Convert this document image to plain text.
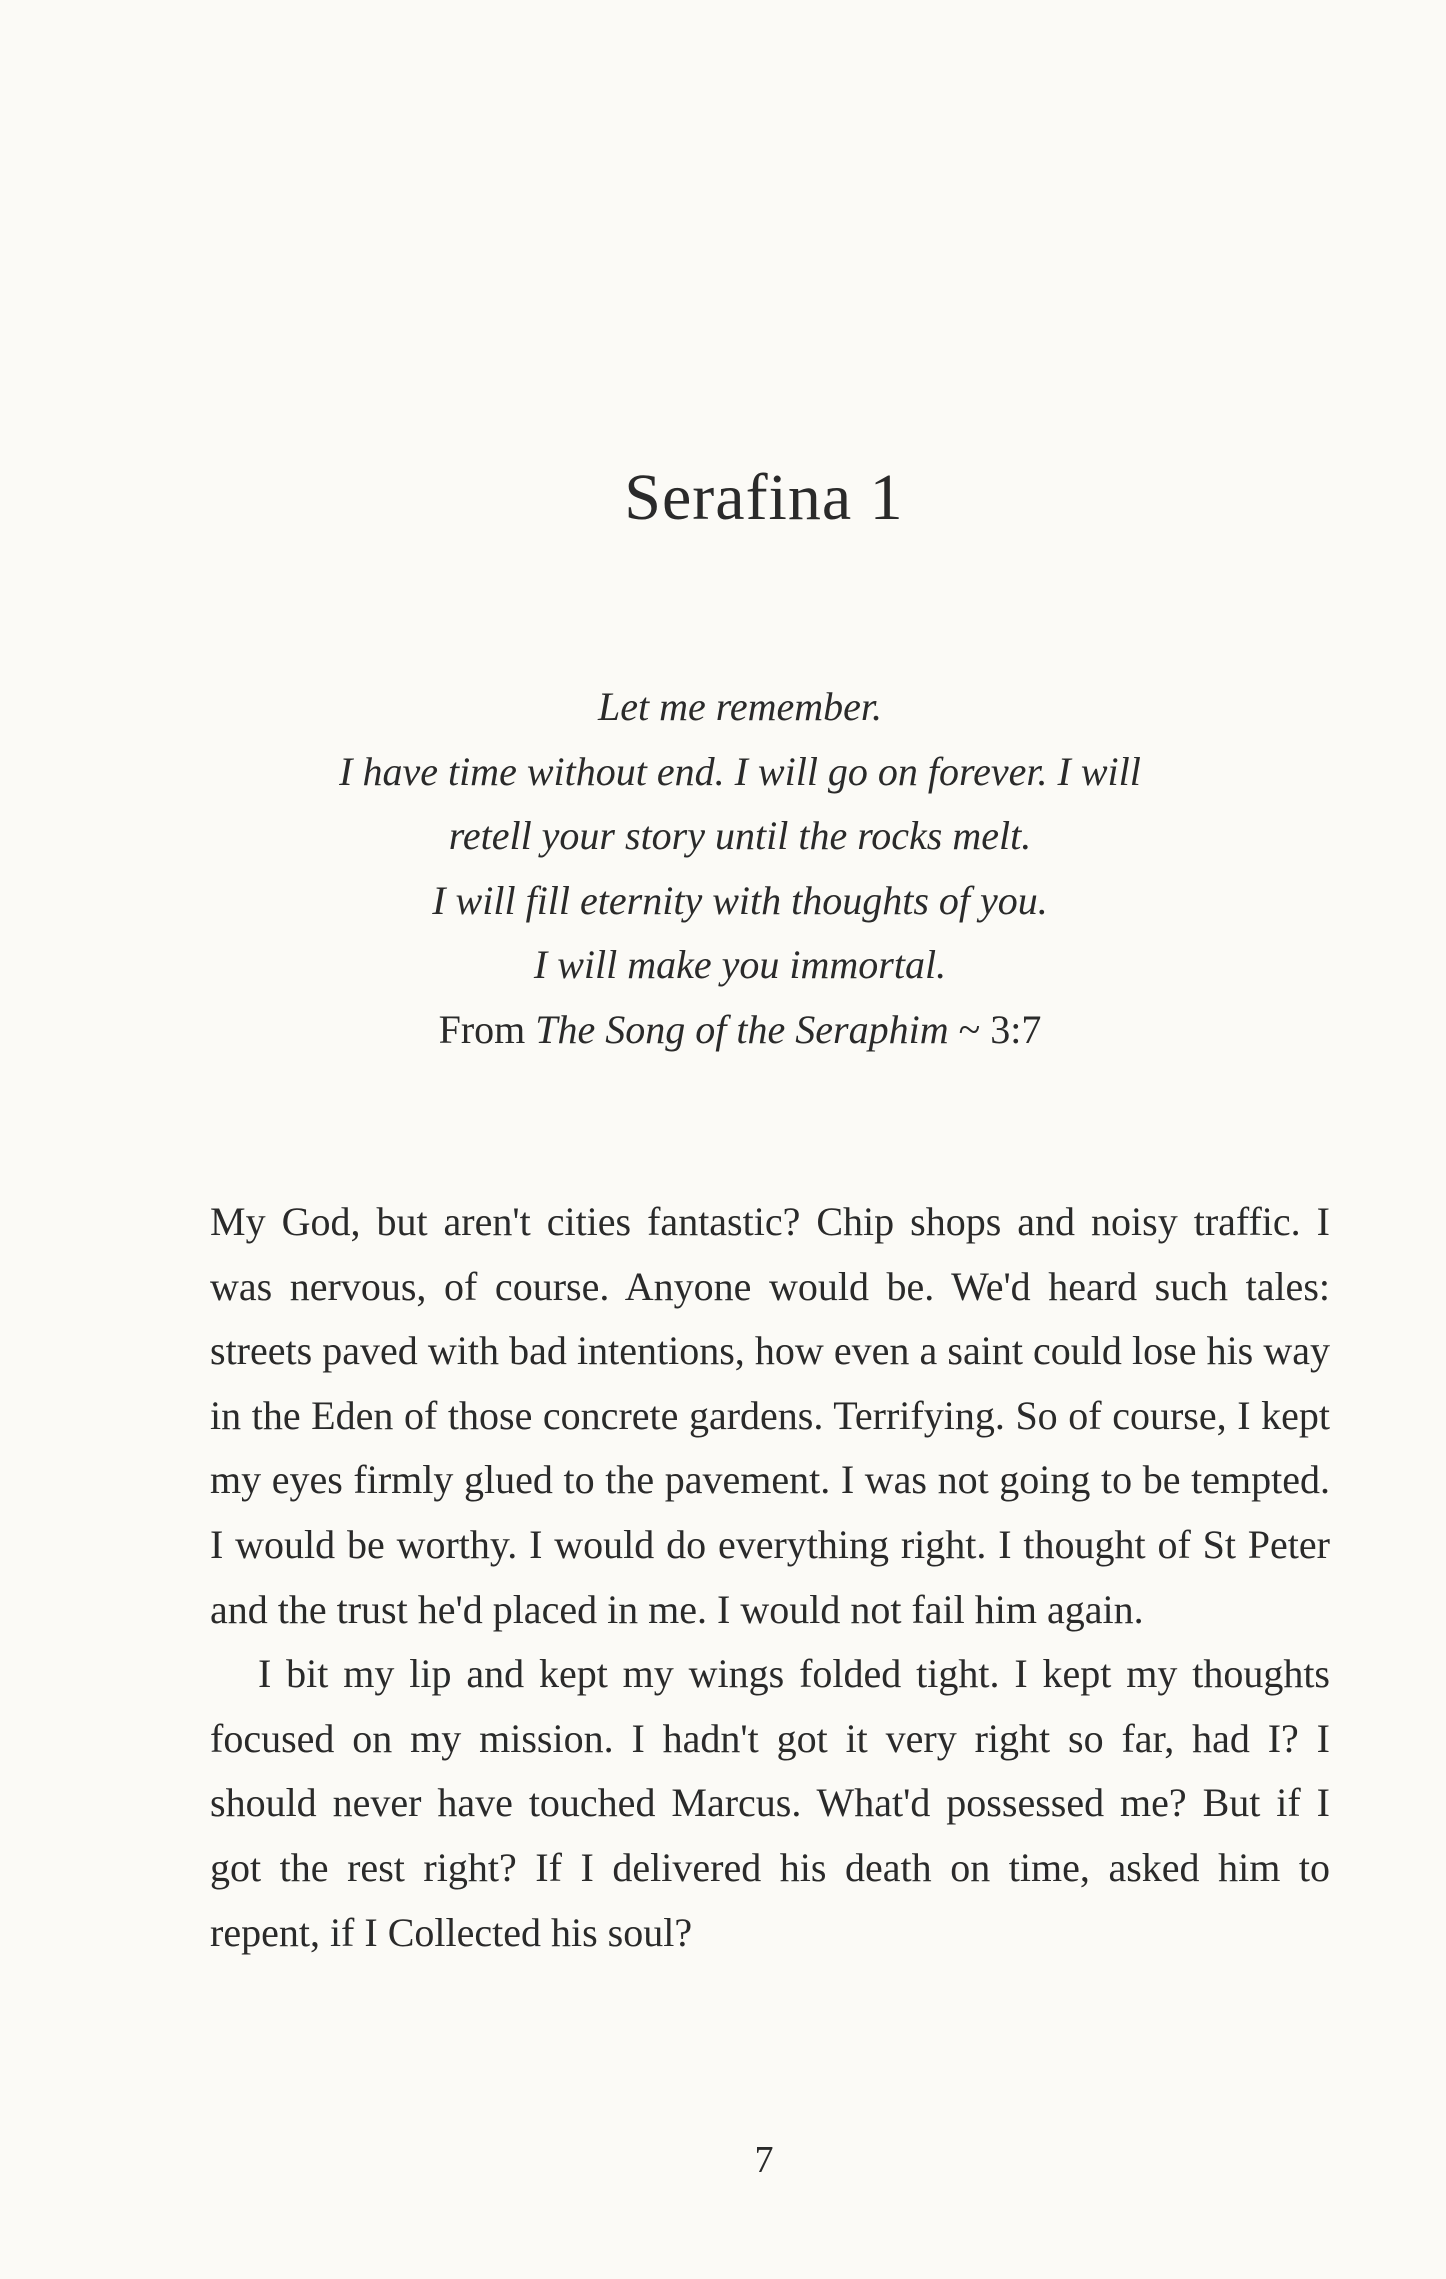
Serafina 1
Let me remember.
I have time without end. I will go on forever. I will
retell your story until the rocks melt.
I will fill eternity with thoughts of you.
I will make you immortal.
From The Song of the Seraphim ~ 3:7

My God, but aren't cities fantastic? Chip shops and noisy traffic. I was nervous, of course. Anyone would be. We'd heard such tales: streets paved with bad intentions, how even a saint could lose his way in the Eden of those concrete gardens. Terrifying. So of course, I kept my eyes firmly glued to the pavement. I was not going to be tempted. I would be worthy. I would do everything right. I thought of St Peter and the trust he'd placed in me. I would not fail him again.

I bit my lip and kept my wings folded tight. I kept my thoughts focused on my mission. I hadn't got it very right so far, had I? I should never have touched Marcus. What'd possessed me? But if I got the rest right? If I delivered his death on time, asked him to repent, if I Collected his soul?

7
